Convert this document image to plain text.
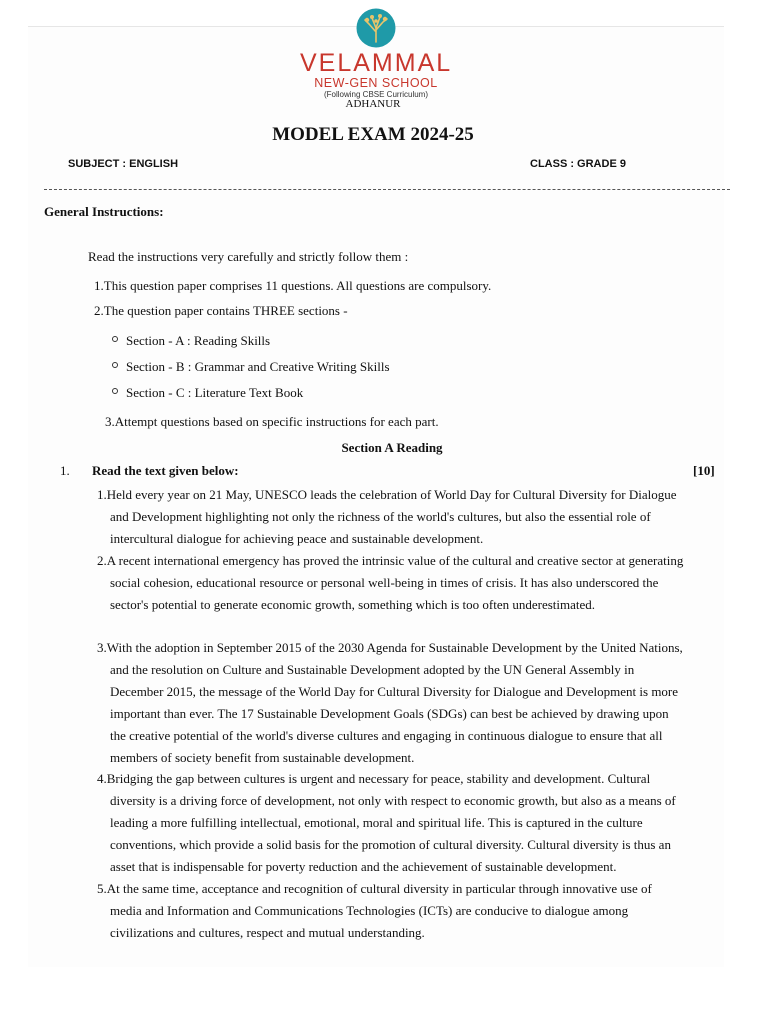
VELAMMAL
NEW-GEN SCHOOL
(Following CBSE Curriculum)
ADHANUR
MODEL EXAM 2024-25
SUBJECT : ENGLISH	CLASS : GRADE 9
General Instructions:
Read the instructions very carefully and strictly follow them :
1.This question paper comprises 11 questions. All questions are compulsory.
2.The question paper contains THREE sections -
Section - A : Reading Skills
Section - B : Grammar and Creative Writing Skills
Section - C : Literature Text Book
3.Attempt questions based on specific instructions for each part.
Section A Reading
1. Read the text given below:	[10]
1.Held every year on 21 May, UNESCO leads the celebration of World Day for Cultural Diversity for Dialogue and Development highlighting not only the richness of the world's cultures, but also the essential role of intercultural dialogue for achieving peace and sustainable development.
2.A recent international emergency has proved the intrinsic value of the cultural and creative sector at generating social cohesion, educational resource or personal well-being in times of crisis. It has also underscored the sector's potential to generate economic growth, something which is too often underestimated.
3.With the adoption in September 2015 of the 2030 Agenda for Sustainable Development by the United Nations, and the resolution on Culture and Sustainable Development adopted by the UN General Assembly in December 2015, the message of the World Day for Cultural Diversity for Dialogue and Development is more important than ever. The 17 Sustainable Development Goals (SDGs) can best be achieved by drawing upon the creative potential of the world's diverse cultures and engaging in continuous dialogue to ensure that all members of society benefit from sustainable development.
4.Bridging the gap between cultures is urgent and necessary for peace, stability and development. Cultural diversity is a driving force of development, not only with respect to economic growth, but also as a means of leading a more fulfilling intellectual, emotional, moral and spiritual life. This is captured in the culture conventions, which provide a solid basis for the promotion of cultural diversity. Cultural diversity is thus an asset that is indispensable for poverty reduction and the achievement of sustainable development.
5.At the same time, acceptance and recognition of cultural diversity in particular through innovative use of media and Information and Communications Technologies (ICTs) are conducive to dialogue among civilizations and cultures, respect and mutual understanding.
